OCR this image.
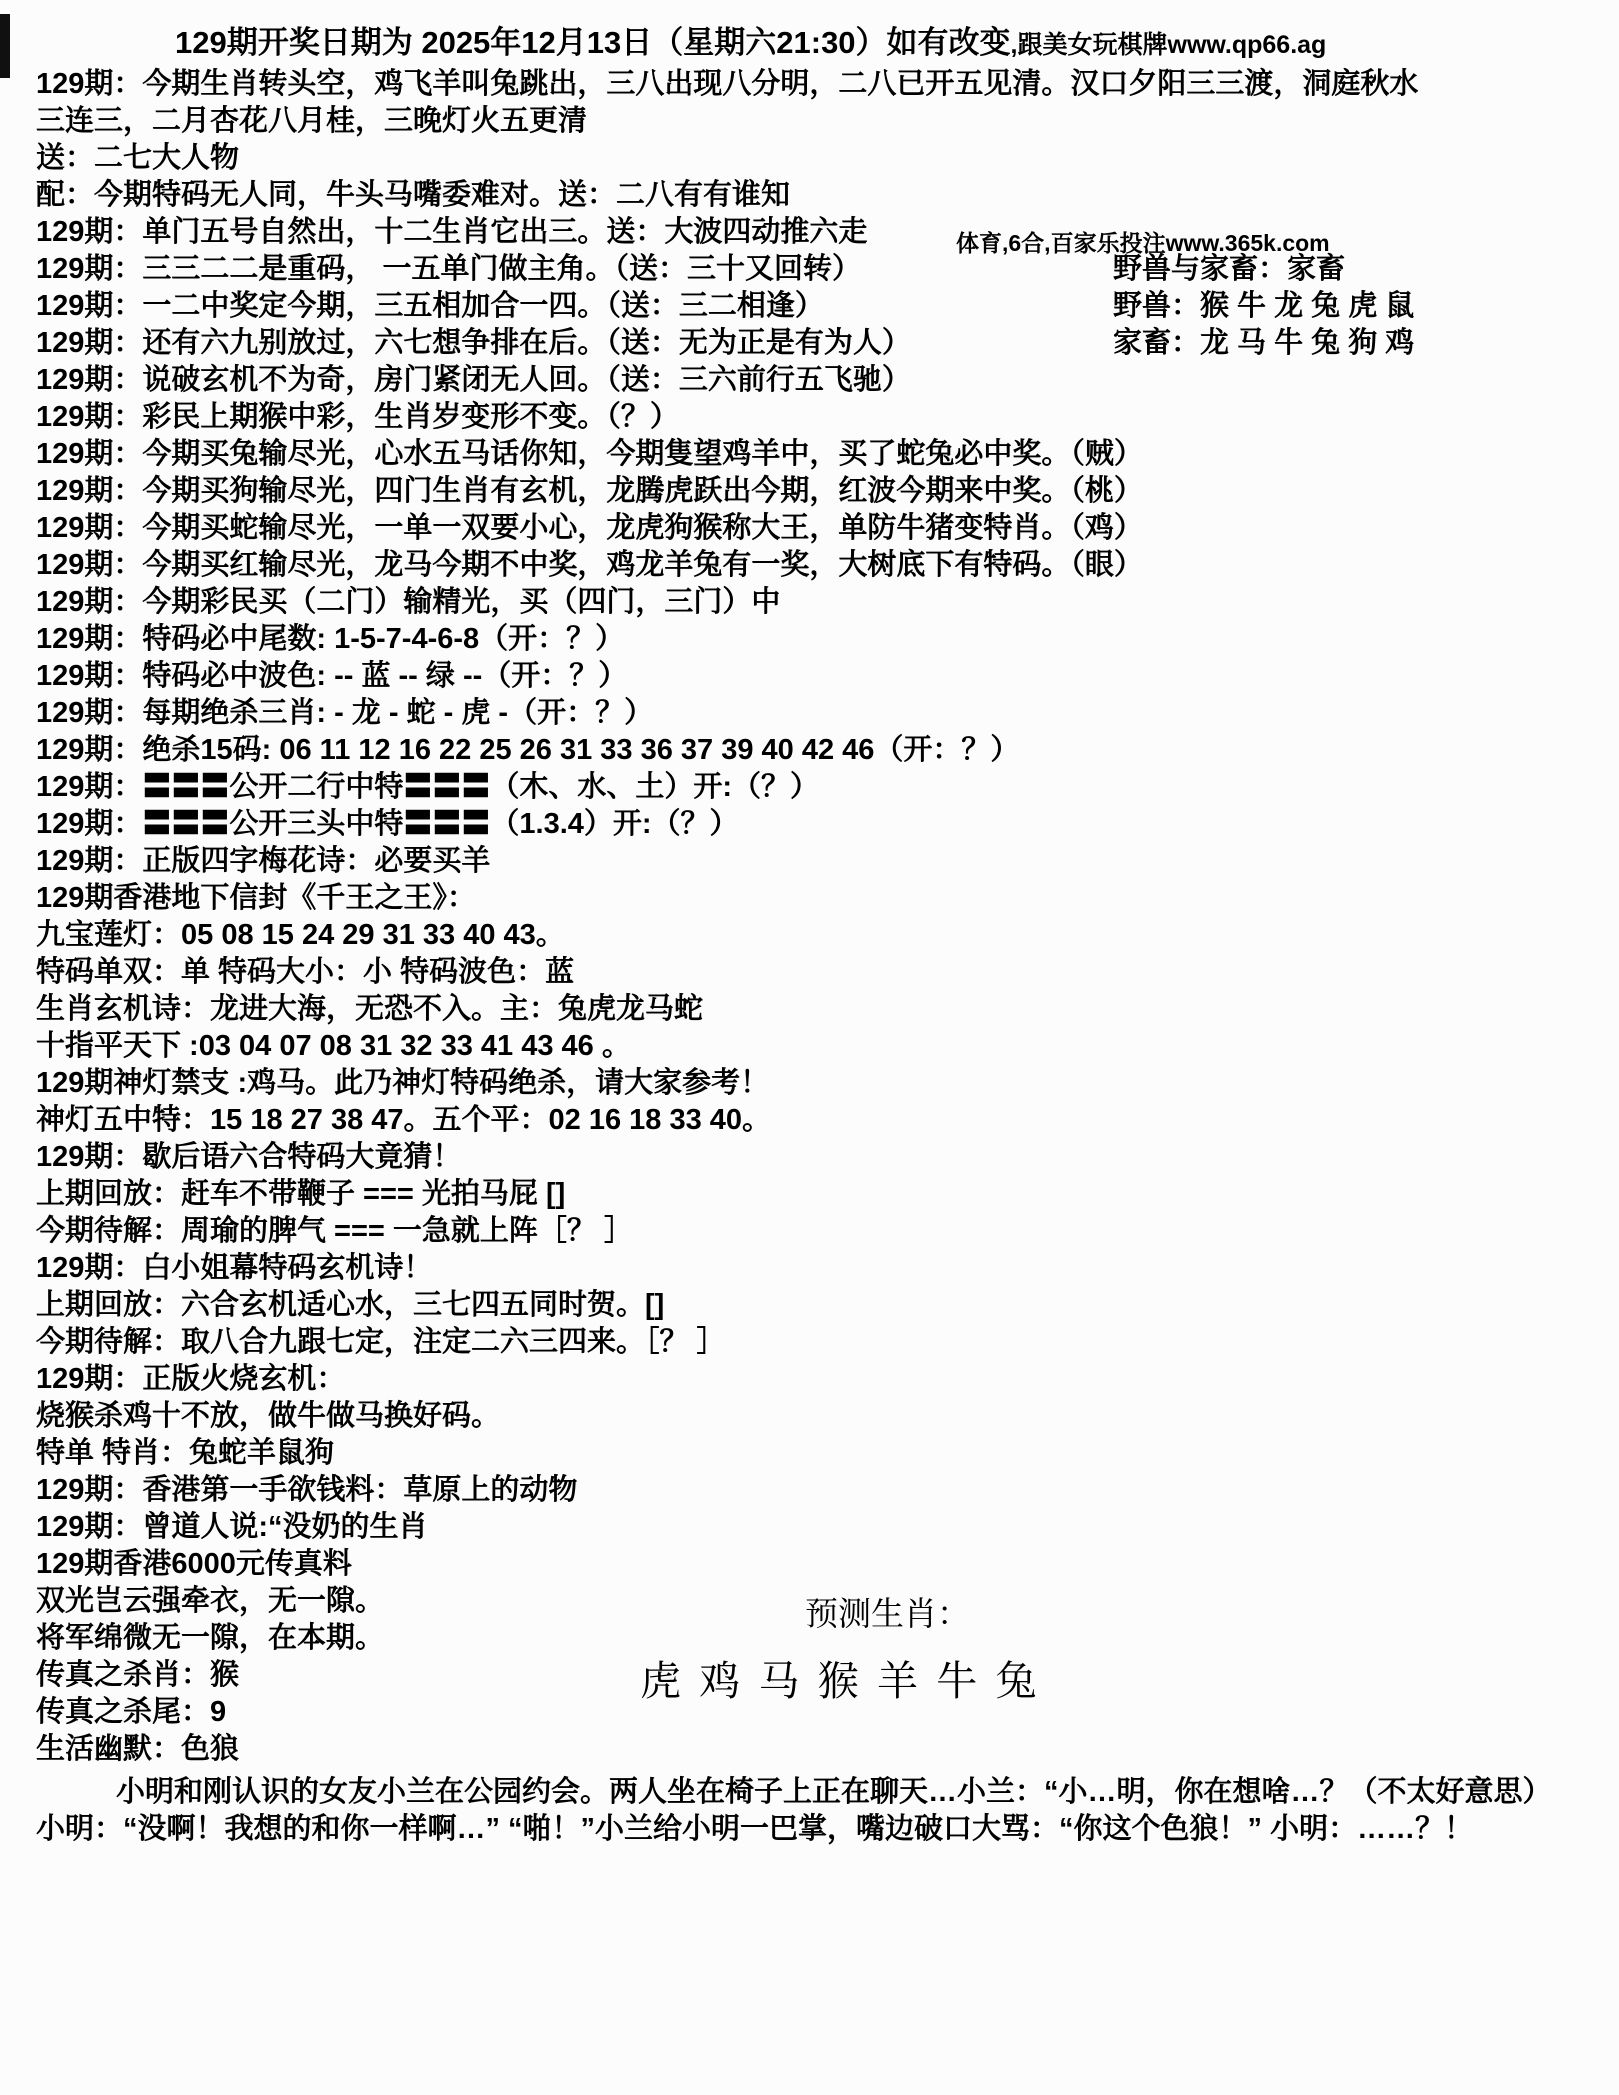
129期开奖日期为 2025年12月13日（星期六21:30）如有改变,跟美女玩棋牌www.qp66.ag
129期：今期生肖转头空，鸡飞羊叫兔跳出，三八出现八分明，二八已开五见清。汉口夕阳三三渡，洞庭秋水
三连三，二月杏花八月桂，三晚灯火五更清
送：二七大人物
配：今期特码无人同，牛头马嘴委难对。送：二八有有谁知
129期：单门五号自然出，十二生肖它出三。送：大波四动推六走	体育,6合,百家乐投注www.365k.com
129期：三三二二是重码， 一五单门做主角。（送：三十又回转）	野兽与家畜：家畜
129期：一二中奖定今期，三五相加合一四。（送：三二相逢）	野兽：猴 牛 龙 兔 虎 鼠
129期：还有六九别放过，六七想争排在后。（送：无为正是有为人）	家畜：龙 马 牛 兔 狗 鸡
129期：说破玄机不为奇，房门紧闭无人回。（送：三六前行五飞驰）
129期：彩民上期猴中彩，生肖岁变形不变。（？）
129期：今期买兔输尽光，心水五马话你知，今期隻望鸡羊中，买了蛇兔必中奖。（贼）
129期：今期买狗输尽光，四门生肖有玄机，龙腾虎跃出今期，红波今期来中奖。（桃）
129期：今期买蛇输尽光，一单一双要小心，龙虎狗猴称大王，单防牛猪变特肖。（鸡）
129期：今期买红输尽光，龙马今期不中奖，鸡龙羊兔有一奖，大树底下有特码。（眼）
129期：今期彩民买（二门）输精光，买（四门，三门）中
129期：特码必中尾数: 1-5-7-4-6-8（开：？）
129期：特码必中波色: -- 蓝 -- 绿 --（开：？）
129期：每期绝杀三肖: - 龙 - 蛇 - 虎 -（开：？）
129期：绝杀15码: 06 11 12 16 22 25 26 31 33 36 37 39 40 42 46（开：？）
129期：〓〓〓公开二行中特〓〓〓（木、水、土）开:（？）
129期：〓〓〓公开三头中特〓〓〓（1.3.4）开:（？）
129期：正版四字梅花诗：必要买羊
129期香港地下信封《千王之王》：
九宝莲灯：05 08 15 24 29 31 33 40 43。
特码单双：单 特码大小：小 特码波色：蓝
生肖玄机诗：龙进大海，无恐不入。主：兔虎龙马蛇
十指平天下 :03 04 07 08 31 32 33 41 43 46 。
129期神灯禁支 :鸡马。此乃神灯特码绝杀，请大家参考！
神灯五中特：15 18 27 38 47。五个平：02 16 18 33 40。
129期：歇后语六合特码大竟猜！
上期回放：赶车不带鞭子 === 光拍马屁 []
今期待解：周瑜的脾气 === 一急就上阵［？ ］
129期：白小姐幕特码玄机诗！
上期回放：六合玄机适心水，三七四五同时贺。[]
今期待解：取八合九跟七定，注定二六三四来。［？ ］
129期：正版火烧玄机：
烧猴杀鸡十不放，做牛做马换好码。
特单 特肖：兔蛇羊鼠狗
129期：香港第一手欲钱料：草原上的动物
129期：曾道人说:“没奶的生肖
129期香港6000元传真料
双光岂云强牵衣，无一隙。	预测生肖：
将军绵微无一隙，在本期。
传真之杀肖：猴	虎 鸡 马 猴 羊 牛 兔
传真之杀尾：9
生活幽默：色狼
小明和刚认识的女友小兰在公园约会。两人坐在椅子上正在聊天…小兰：“小…明，你在想啥…？（不太好意思）
小明：“没啊！我想的和你一样啊…” “啪！”小兰给小明一巴掌，嘴边破口大骂：“你这个色狼！” 小明：……？！
